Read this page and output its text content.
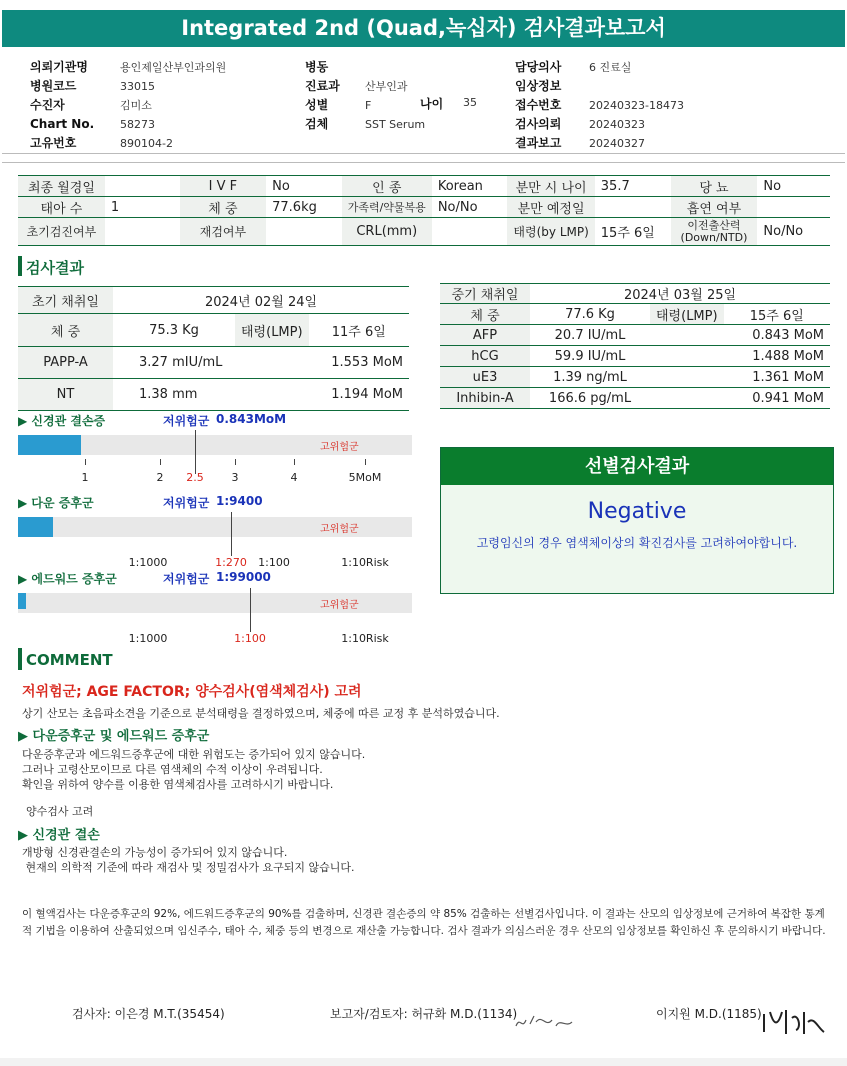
Integrated 2nd (Quad,녹십자) 검사결과보고서
의뢰기관명	용인제일산부인과의원
병원코드	33015
수진자	김미소
Chart No. 58273
고유번호	890104-2
병동
진료과 산부인과
성별	F
검체	SST Serum
나이 35
담당의사	6 진료실
임상정보
접수번호	20240323-18473
검사의뢰	20240323
결과보고	20240327
최종 월경일		I V F	No	인 종	Korean	분만 시 나이	35.7	당 뇨	No
태아 수	1	체 중	77.6kg	가족력/약물복용	No/No	분만 예정일		흡연 여부	
초기검진여부		재검여부		CRL(mm)		태령(by LMP)	15주 6일	이전출산력
(Down/NTD)	No/No
검사결과
초기 채취일	2024년 02월 24일		
체 중	75.3 Kg	태령(LMP)	11주 6일
PAPP-A	3.27 mIU/mL	1.553 MoM	
NT	1.38 mm	1.194 MoM	
중기 채취일	2024년 03월 25일		
체 중	77.6 Kg	태령(LMP)	15주 6일
AFP	20.7 IU/mL	0.843 MoM	
hCG	59.9 IU/mL	1.488 MoM	
uE3	1.39 ng/mL	1.361 MoM	
Inhibin-A	166.6 pg/mL	0.941 MoM	
▶ 신경관 결손증	저위험군 0.843MoM
고위험군
1	2	2.5	3	4	5MoM
▶ 다운 증후군	저위험군 1:9400
고위험군
1:1000	1:270	1:100	1:10Risk
▶ 에드워드 증후군	저위험군 1:99000
고위험군
1:1000	1:100	1:10Risk
선별검사결과
Negative
고령임신의 경우 염색체이상의 확진검사를 고려하여야합니다.
COMMENT
저위험군; AGE FACTOR; 양수검사(염색체검사) 고려
상기 산모는 초음파소견을 기준으로 분석태령을 결정하였으며, 체중에 따른 교정 후 분석하였습니다.
▶ 다운증후군 및 에드워드 증후군
다운증후군과 에드워드증후군에 대한 위험도는 증가되어 있지 않습니다.
그러나 고령산모이므로 다른 염색체의 수적 이상이 우려됩니다.
확인을 위하여 양수를 이용한 염색체검사를 고려하시기 바랍니다.
양수검사 고려
▶ 신경관 결손
개방형 신경관결손의 가능성이 증가되어 있지 않습니다.
현재의 의학적 기준에 따라 재검사 및 정밀검사가 요구되지 않습니다.
이 혈액검사는 다운증후군의 92%, 에드워드증후군의 90%를 검출하며, 신경관 결손증의 약 85% 검출하는 선별검사입니다. 이 결과는 산모의 임상정보에 근거하여 복잡한 통계
적 기법을 이용하여 산출되었으며 임신주수, 태아 수, 체중 등의 변경으로 재산출 가능합니다. 검사 결과가 의심스러운 경우 산모의 임상정보를 확인하신 후 문의하시기 바랍니다.
검사자: 이은경 M.T.(35454)	보고자/검토자: 허규화 M.D.(1134)	이지원 M.D.(1185)
